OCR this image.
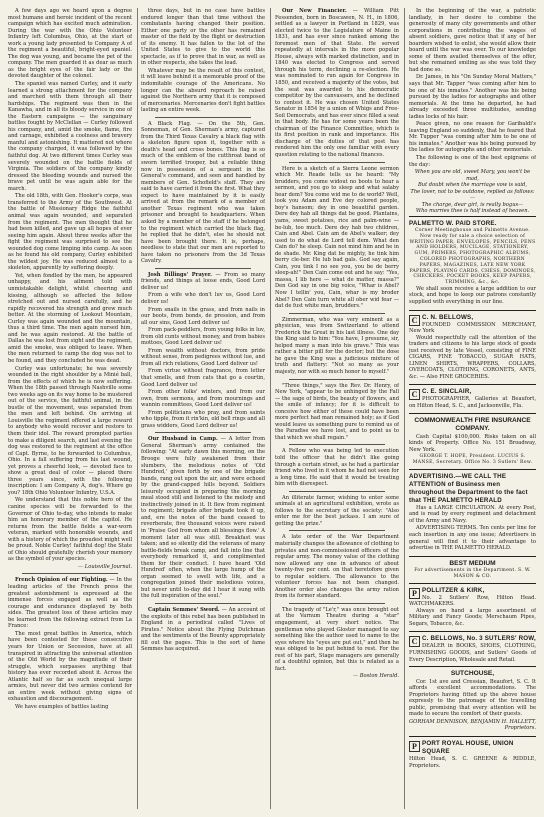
A few days ago we heard upon a degree most humane and heroic incident of the recent campaign which has excited much admiration. During the war with the Ohio Volunteer Infantry left Columbus, Ohio, at the start of work a young lady presented to Company A of the regiment a beautiful, bright-eyed spaniel. The dog was young, and became the pet of the company. The men guarded it as dear as much as the bright eyes of the fair lady or the devoted daughter of the colonel.

The spaniel was named Curley, and it early learned a strong attachment for the company and marched with them through all their hardships. The regiment was then in the Kanawha, and in all its bloody service in one of the Eastern campaigns — the sanguinary battles fought by McClellan — Curley followed his company, and, amid the smoke, flame, fire and carnage, exhibited a coolness and bravery manful and astonishing. It mattered not where the company charged, it was followed by the faithful dog. At two different times Curley was severely wounded on the battle fields of Virginia. The soldiers of the company kindly dressed the bleeding wounds and nursed the brave pet until he was again able for the march.

The old 18th, with Gen. Hooker's corps, was transferred to the Army of the Southwest. At the battle of Missionary Ridge the faithful animal was again wounded, and separated from the regiment. The men thought that he had been killed, and gave up all hopes of ever seeing him again. About three weeks after the fight the regiment was surprised to see the wounded dog come limping into camp. As soon as he found his old company, Curley exhibited the wildest joy. He was reduced almost to a skeleton, apparently by suffering deeply.

Yet, when fondled by the men, he appeared unhappy, and his ailment told with unmistakable delight, whilst cheering and kissing, although so affected the fellow stretched out and nursed carefully, and he rapidly recovered his strength and grew much better. At the storming of Lookout Mountain, Curley was again wounded and the mountain, thus a third time. The men again nursed him, and he was again restored. At the battle of Dallas he was lost from sight and the regiment, amid the smoke, was obliged to leave. When the men returned to camp the dog was not to be found, and they concluded he was dead.

Curley was unfortunate; he was severely wounded in the right shoulder by a Minié ball, from the effects of which he is now suffering. When the 18th passed through Nashville some two weeks ago on its way home to be mustered out of the service, the faithful animal, in the bustle of the movement, was separated from the men and left behind. On arriving at Louisville the regiment offered a large reward to anybody who would recover and restore to them their idol. The reward prompted parties to make a diligent search, and last evening the dog was restored to the regiment at the office of Capt. Byrne, to be forwarded to Columbus, Ohio. In a fall suffering from his last wound, yet proves a cheerful look, — devoted face to show a great deal of color — placed there three years since, with the following inscription: I am Company A, dog's. Where go you? 18th Ohio Volunteer Infantry, U.S.A.

We understand that this noble hero of the canine species will be forwarded to the Governor of Ohio to-day, who intends to make him an honorary member of the capitol. He returns from the battle fields a war-worn veteran, marked with honorable wounds, and with a history of which the proudest might well be proud. Noble Curley! faithful dog! the State of Ohio should gratefully cherish your memory as the symbol of your species.

— Louisville Journal.

French Opinion of our Fighting. — In the leading articles of the French press the greatest astonishment is expressed at the immense forces engaged as well as the courage and endurance displayed by both sides. The greatest loss of these articles may be learned from the following extract from La France:

The most great battles in America, which have been contested for these consecutive years for Union or Secession, have at all transpired in attracting the universal attention of the Old World by the magnitude of their struggle, which surpasses anything that history has ever recorded about it. Across the Atlantic half so far as such unequal large armies, but never did two armies contend for an entire week without giving signs of exhaustion and discouragement.

We have examples of battles lasting

three days, but in no case have battles endured longer than that time without the combatants having changed their position. Either one party or the other has remained master of the field by the flight or destruction of its enemy. It has fallen to the lot of the United States to give to the world this spectacle, as if to prove that in war, as well as in other respects, she takes the lead.

Whatever may be the result of this contest, it will leave behind it a memorable proof of the indomitable courage of the Americans. No longer can the absurd reproach be raised against the Northern army that it is composed of mercenaries. Mercenaries don't fight battles lasting an entire week.

A Black Flag. — On the 5th, Gen. Sonneman, of Gen. Sherman's army, captured from the Third Texas Cavalry a black flag with a skeleton figure upon it, together with a death's head and cross bones. This flag is so much of the emblem of the cutthroat band of sworn terrified trooper, but a reliable thing now in possession of a sergeant in the General's command, and seen and handled by members of Gen. Schofield's staff. They are said to have carried it from the first. What they expect to have maintained by it is easily arrived at from the remark of a member of another Texas regiment who was taken prisoner and brought to headquarters. When asked by a member of the staff if he belonged to the regiment which carried the black flag, he replied that he didn't, else he should not have been brought there. It is, perhaps, needless to state that our men are reported to have taken no prisoners from the 3d Texas Cavalry.

Josh Billings' Prayer. — From so many friends, and things at loose ends, Good Lord deliver us!

From a wife who don't luv us, Good Lord deliver us!

From snails in the grass, and from nails in our boots, from bonds, de pression, and from all our sins, Good Lord deliver us!

From pack-peddlers, from young folks in luv, from old cunts without money, and from babies mottoes, Good Lord deliver us!

From wealth without doctors, from pride without sense, from pedigrees without lue, and from all rich relations, Good Lord deliver us!

From virtue without fragrance, from letter that smells, and from cats that go a courtin, Good Lord deliver us!

From other folks' winters, and from our own, from sermons, and from mournings and wannin committees, Good Lord deliver us!

From politicians who pray, and from saints who tipple, from it rin'kin, old bell rings and all grass widders, Good Lord deliver us!

Our Husband in Camp. — A letter from General Sherman's army contained the following: "At early dawn this morning, on the Brooge were fully awakened from their slumbers, the melodious notes of 'Old Hundred,' given forth by one of the brigade bands, rang out upon the air, and were echoed by the grand-capped hills beyond. Soldiers leisurely occupied in preparing the morning meal stood still and listened to the melody and instinctively joined in it. It flew from regiment to regiment; brigade after brigade took it up, and, ere the notes of the band ceased to reverberate, five thousand voices were raised in 'Praise God from whom all blessings flow.' A moment later all was still. Breakfast was taken; and so silently did the veterans of many battle-fields break camp, and fall into line that everybody remarked it, and complimented them for their conduct. I have heard 'Old Hundred' often, when the large hump of the organ seemed to swell with life, and a congregation joined their melodious voices, but never until to-day did I hear it sung with the full inspiration of the soul."

Captain Semmes' Sword. — An account of the exploits of this rebel has been published in England in a periodical called "Lives of Pirates." Notice about the Flying Dutchman and the sentiments of the Bounty appropriately fill out the pages. This is the sort of fame Semmes has acquired.

Our New Financier. — William Pitt Fessenden, born in Boscawen, N. H., in 1806, settled as a lawyer in Portland in 1829, was elected twice to the Legislature of Maine in 1831, and has ever since ranked among the foremost men of that State. He served repeatedly at intervals in the more popular House, always with marked distinction, and in 1840 was elected to Congress and served through his term, declining a re-election. He was nominated to run again for Congress in 1850, and received a majority of the votes, but the seat was awarded to his democratic competitor by the canvassers, and he declined to contest it. He was chosen United States Senator in 1854 by a union of Whigs and Free-Soil Democrats, and has ever since filled a seat in that body. He has for some years been the chairman of the Finance Committee, which is its first position in rank and importance. His discharge of the duties of that post has rendered him the only one familiar with every question relating to the national finances.

Here is a sketch of a Sierra Leone sermon which Mr. Reade tells us he heard: "My brudders, you come widout no boots to hear a sermon, and you go to sleep and what salaby hear dem? You come wid me to de world? Well, look you Adam and Eve dey colored people, boy's hansom; dey in one beautiful garden. Dere dey hab all things dat be good. Plantains, yams, sweet potatoes, rice and palm-wine — be-lub, too much. Dere dey hab two children, Cain and Abel. Cain am de Abel's walker; dey used to do what de Lord tell dem. What den Cain do? he sleep. Cain not mind him and he in de shade. Mr. King dat be mighty, he tink him berry cle-ber. He lub bad gals. God say again, Cain, you tink I no see you, you be de berry sleep-ah!" Den Cain come out and he say: "Yes, massa, I lib here — what de matter, massa?" Den God say in one big voice, "Whar is Abel? Now I tellin' you, Cain, whar is my broder Abel? Den Cain turn white all ober wid fear — dat de fust white man, brudders."

Zimmerman, who was very eminent as a physician, was from Switzerland to attend Frederick the Great in his last illness. One day the King said to him: "You have, I presume, sir, helped many a man into his grave." This was rather a bitter pill for the doctor; but the dose he gave the King was a judicious mixture of truth and flattery: "Not so many as your majesty, nor with so much honor to myself."

"Three things," says the Rev. Dr. Henry, of New York, "appear to be unhinged by the Fall — the sage of birds, the beauty of flowers, and the smile of infancy; for it is difficult to conceive how either of these could have been more perfect had man remained holy; as if God would leave us something pure to remind us of the Paradise we have lost, and to point us to that which we shall regain."

A Fellow who was being led to execution told the officer that he didn't like going through a certain street, as he had a particular friend who lived in it whom he had not seen for a long time. He said that it would be treating him with disrespect.

An illiterate farmer, wishing to enter some animals at an agricultural exhibition, wrote as follows to the secretary of the society: "Also enter me for the best jackass. I am sure of getting the prize."

A late order of the War Department materially changes the allowance of clothing to privates and non-commissioned officers of the regular army. The money value of the clothing now allowed any one in advance of about twenty-five per cent. on that heretofore given to regular soldiers. The allowance to the volunteer forces has not been changed. Another order also changes the army ration from its former standard.

The tragedy of "Le'r," was once brought out at the Varnum Theatre during a "star" engagement, at very short notice. The gentleman who played Gloster managed to say something like the author used to name to the eyes where his "eyes are put out," and then he was obliged to be put behind to rest. For the rest of his part, Stage managers are generally of a doubtful opinion, but this is related as a fact.

— Boston Herald.

In the beginning of the war, a patriotic landlady, in her desire to combine the generosity of many city governments and other corporations in contributing the wages of absent soldiers, gave notice that if any of her boarders wished to enlist, she would allow their board until the war was over. To our knowledge some of them availed themselves of the offer, but she remained smiling as she was told they had done so.

Dr. James, in his "On Sunday Moral Matters," says that Mr. Tapper "was coming after him to be one of his inmates." Another was his being pursued by the ladies for autographs and other memorials. At the time he departed, he had already exceeded three multitudes, sending ladies locks of his hair.

Peace given, no one reason for Garibaldi's leaving England so suddenly, that he feared that Mr. Tupper "was coming after him to be one of his inmates." Another was his being pursued by the ladies for autographs and other memorials.

The following is one of the best epigrams of the day:

When you are old, sweet Mary, you won't be mad,
But doubt when the marriage vow is said,
The lover, not to be outdone, replied as follows:—
The charge, dear girl, is really bogus—
Who marries thee is half instead of heaven.
PALMETTO W. PAID STORE.
Corner Meetinghouse and Palmetto Avenue.
Now ready for sale a choice selection of WRITING PAPER, ENVELOPES, PENCILS, PENS AND HOLDERS, MUCILAGE, STATIONERY, GUM, PRIMERS, PHOTOGRAPHIC ALBUMS, COLORED PHOTOGRAPHS, NORTHERN PAPERS, MAGAZINES, LATE NEW YORK PAPERS, PLAYING CARDS, CHESS, DOMINOES, CHECKERS, POCKET BOOKS, KEEP PAPERS, TRIMMING, &c., &c.

We shall soon receive a large addition to our stock, and hope to keep our patrons constantly supplied with everything in our line.

C C. N. BELLOWS,
FOUNDED COMMISSION MERCHANT, New York

Would respectfully call the attention of the traders and citizens to his large stock of goods just received by late Vessel, consisting of FINE CIGARS, FINE TOBACCO, SUGAR HATS, LINEN SHIRTS, WRAPPERS, COLLARS, OVERCOATS, CLOTHING, CORONETS, ANTS, &c. — Also FINE GROCERIES.

C C. E. SINCLAIR,
PHOTOGRAPHER, Galleries at Beaufort, on Hilton Head, S. C., and Jacksonville, Fla.
COMMONWEALTH FIRE INSURANCE COMPANY.

Cash Capital $100,000. Risks taken on all kinds of Property. Office No. 151 Broadway, New York.

GEORGE T. HOPE, President. LUCIUS S. MANSE, Secretary. Office No. 3 Sutlers' Row.
ADVERTISING.—WE CALL THE ATTENTION of Business men throughout the Department to the fact that THE PALMETTO HERALD

Has a LARGE CIRCULATION. At every Post, and is read by every regiment and detachment of the Army and Navy.

ADVERTISING TERMS. Ten cents per line for each insertion in any one issue; Advertisers in general will find it to their advantage to advertise in THE PALMETTO HERALD.

BEST MEDIUM
For advertisements in the Department. S. W. MASON & CO.
P POLLITZER & KIRK,
No. 2 Sutlers' Row, Hilton Head. WATCHMAKERS.

Always on hand a large assortment of Military and Fancy Goods; Merschaum Pipes, Segars, Tobacco, &c.

C C. BELLOWS, No. 3 SUTLERS' ROW,
DEALER in BOOKS, SHOES, CLOTHING, FURNISHING GOODS, and Sutlers' Goods of Every Description, Wholesale and Retail.
SUTCHOUSE,

Cor. 1st ave and Cressian, Beaufort, S. C. It affords excellent accommodations. The Proprietors having fitted up the above house expressly to the patronage of the travelling public, promising that every attention will be made to secure the comfort of their guests.

GORHAM DENNISON, BENJAMIN H. HALLETT, Proprietors.
P PORT ROYAL HOUSE, UNION SQUARE
Hilton Head, S. C. GREENE & RIDDLE, Proprietors.
